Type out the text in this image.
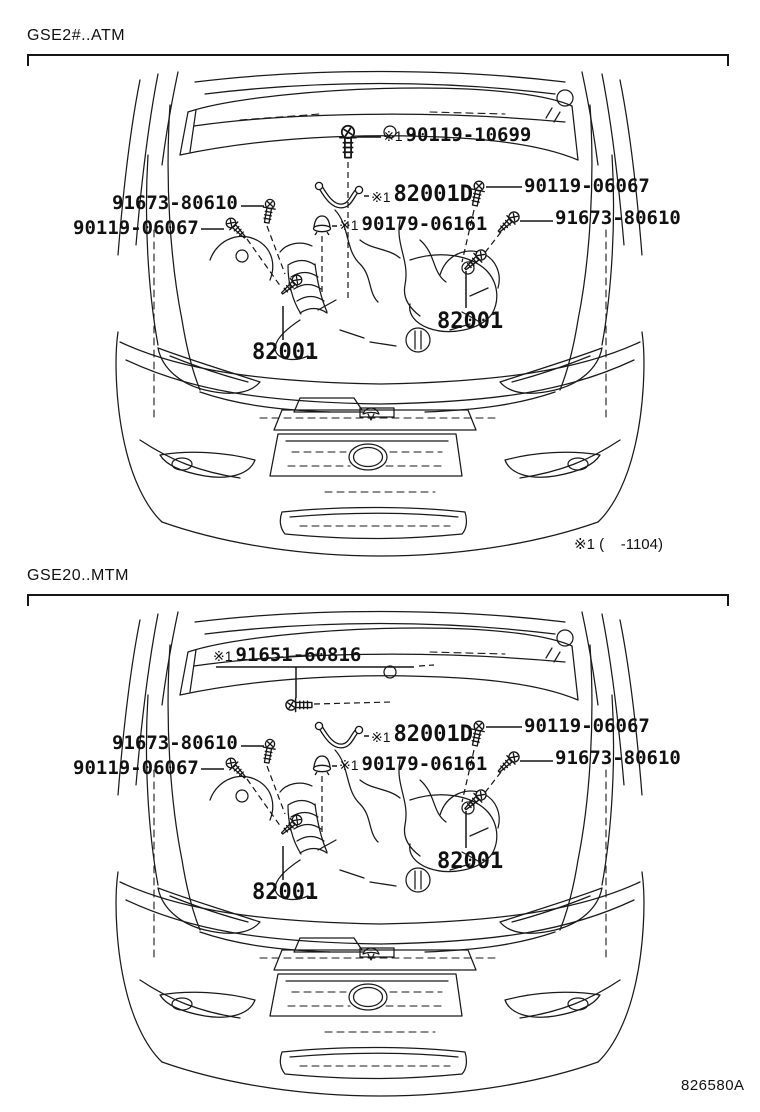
GSE2#..ATM
※1 90119-10699
※1 82001D	90119-06067
91673-80610
91673-80610
90119-06067	※1 90179-06161
82001
82001
※1 (    -1104)
GSE20..MTM
※1 91651-60816
※1 82001D	90119-06067
91673-80610
91673-80610
90119-06067	※1 90179-06161
82001
82001
826580A
